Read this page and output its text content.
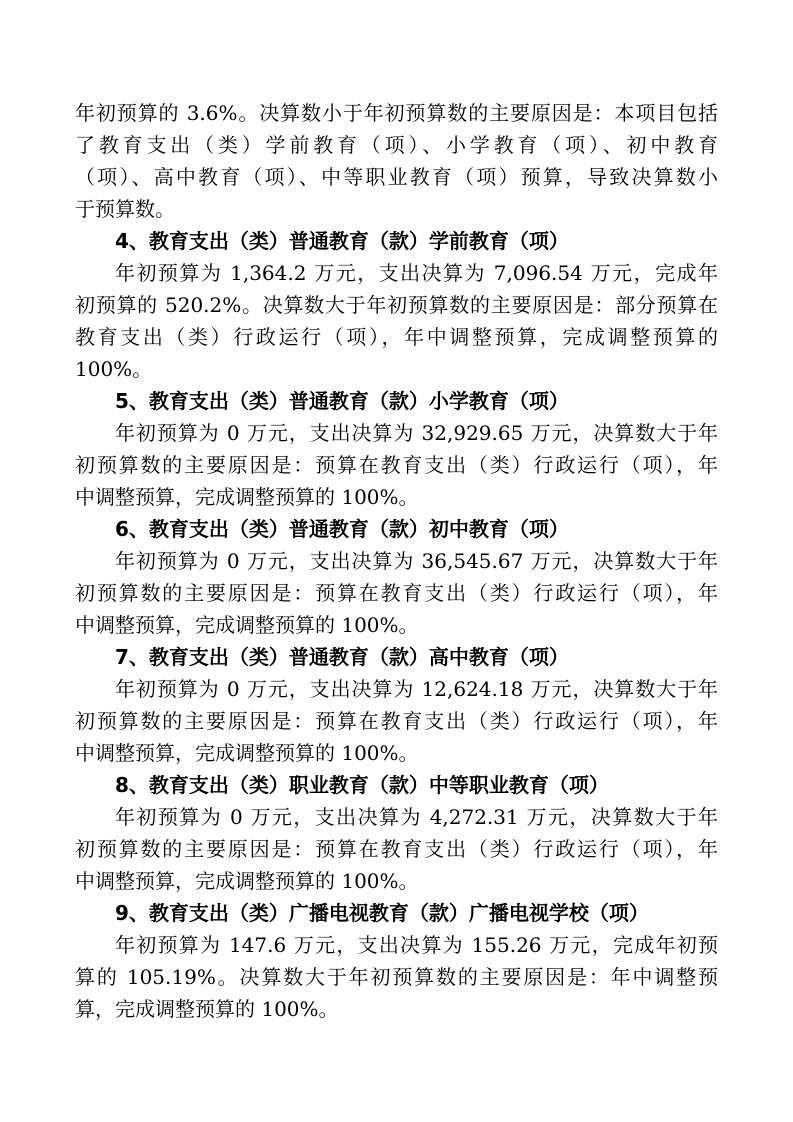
年初预算的 3.6%。决算数小于年初预算数的主要原因是：本项目包括
了教育支出（类）学前教育（项）、小学教育（项）、初中教育
（项）、高中教育（项）、中等职业教育（项）预算，导致决算数小
于预算数。
4、教育支出（类）普通教育（款）学前教育（项）
年初预算为 1,364.2 万元，支出决算为 7,096.54 万元，完成年
初预算的 520.2%。决算数大于年初预算数的主要原因是：部分预算在
教育支出（类）行政运行（项），年中调整预算，完成调整预算的
100%。
5、教育支出（类）普通教育（款）小学教育（项）
年初预算为 0 万元，支出决算为 32,929.65 万元，决算数大于年
初预算数的主要原因是：预算在教育支出（类）行政运行（项），年
中调整预算，完成调整预算的 100%。
6、教育支出（类）普通教育（款）初中教育（项）
年初预算为 0 万元，支出决算为 36,545.67 万元，决算数大于年
初预算数的主要原因是：预算在教育支出（类）行政运行（项），年
中调整预算，完成调整预算的 100%。
7、教育支出（类）普通教育（款）高中教育（项）
年初预算为 0 万元，支出决算为 12,624.18 万元，决算数大于年
初预算数的主要原因是：预算在教育支出（类）行政运行（项），年
中调整预算，完成调整预算的 100%。
8、教育支出（类）职业教育（款）中等职业教育（项）
年初预算为 0 万元，支出决算为 4,272.31 万元，决算数大于年
初预算数的主要原因是：预算在教育支出（类）行政运行（项），年
中调整预算，完成调整预算的 100%。
9、教育支出（类）广播电视教育（款）广播电视学校（项）
年初预算为 147.6 万元，支出决算为 155.26 万元，完成年初预
算的 105.19%。决算数大于年初预算数的主要原因是：年中调整预
算，完成调整预算的 100%。
